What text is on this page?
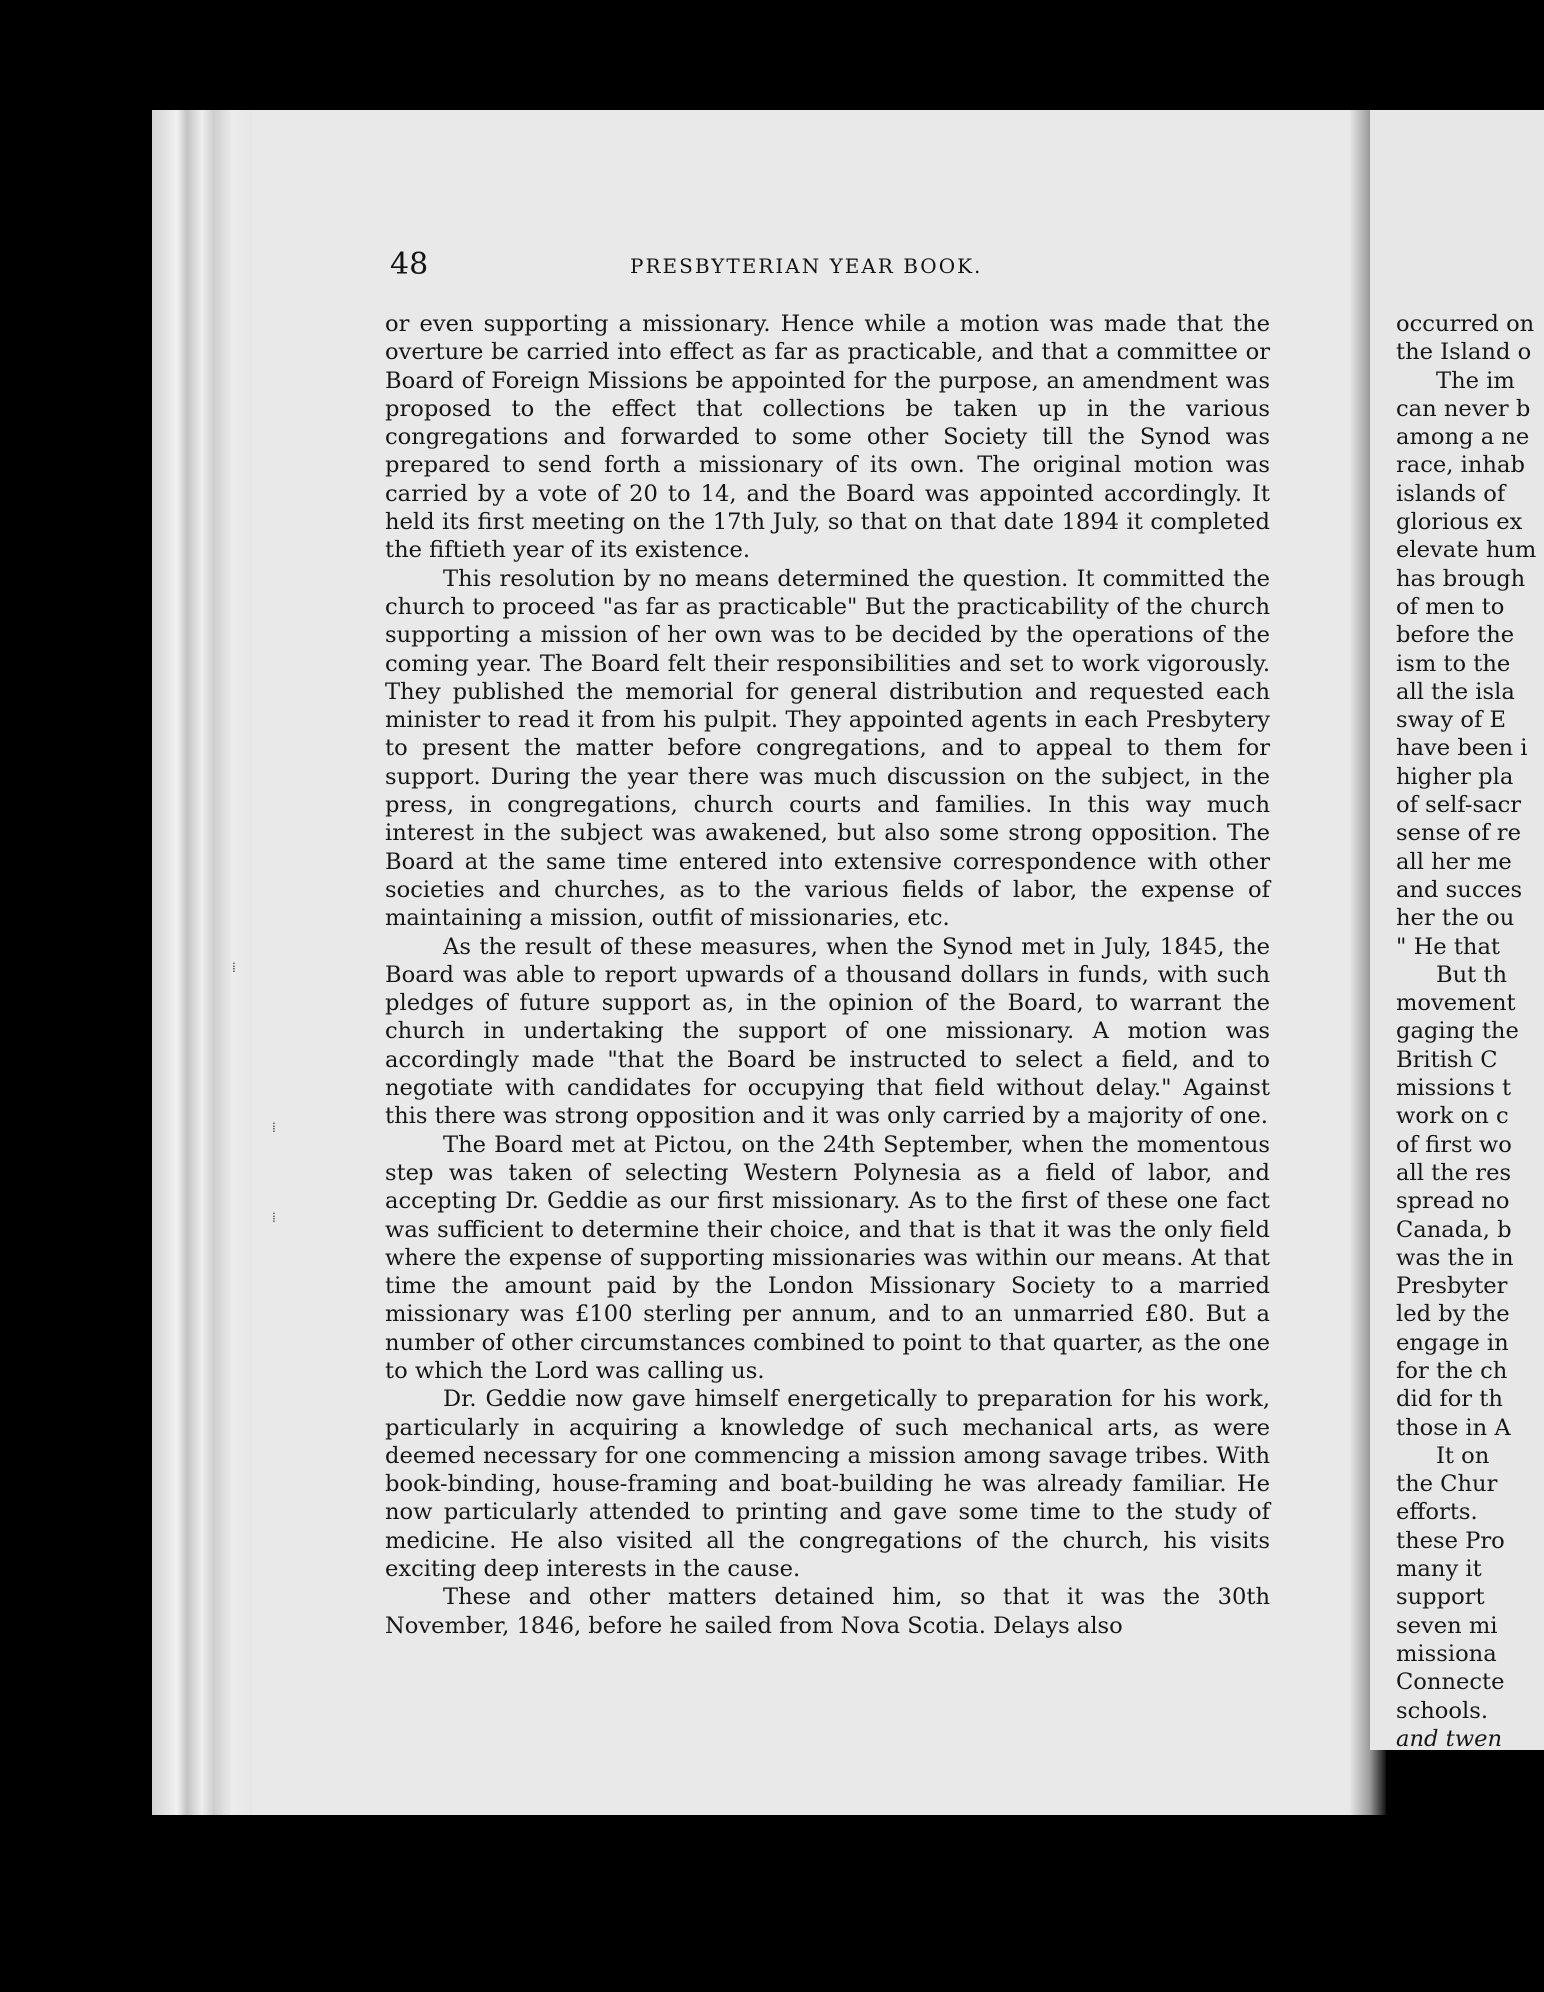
48	PRESBYTERIAN YEAR BOOK.

or even supporting a missionary. Hence while a motion was made that the overture be carried into effect as far as practicable, and that a committee or Board of Foreign Missions be appointed for the purpose, an amendment was proposed to the effect that collections be taken up in the various congregations and forwarded to some other Society till the Synod was prepared to send forth a missionary of its own. The original motion was carried by a vote of 20 to 14, and the Board was appointed accordingly. It held its first meeting on the 17th July, so that on that date 1894 it completed the fiftieth year of its existence.

This resolution by no means determined the question. It committed the church to proceed "as far as practicable" But the practicability of the church supporting a mission of her own was to be decided by the operations of the coming year. The Board felt their responsibilities and set to work vigorously. They published the memorial for general distribution and requested each minister to read it from his pulpit. They appointed agents in each Presbytery to present the matter before congregations, and to appeal to them for support. During the year there was much discussion on the subject, in the press, in congregations, church courts and families. In this way much interest in the subject was awakened, but also some strong opposition. The Board at the same time entered into extensive correspondence with other societies and churches, as to the various fields of labor, the expense of maintaining a mission, outfit of missionaries, etc.

As the result of these measures, when the Synod met in July, 1845, the Board was able to report upwards of a thousand dollars in funds, with such pledges of future support as, in the opinion of the Board, to warrant the church in undertaking the support of one missionary. A motion was accordingly made "that the Board be instructed to select a field, and to negotiate with candidates for occupying that field without delay." Against this there was strong opposition and it was only carried by a majority of one.

The Board met at Pictou, on the 24th September, when the momentous step was taken of selecting Western Polynesia as a field of labor, and accepting Dr. Geddie as our first missionary. As to the first of these one fact was sufficient to determine their choice, and that is that it was the only field where the expense of supporting missionaries was within our means. At that time the amount paid by the London Missionary Society to a married missionary was £100 sterling per annum, and to an unmarried £80. But a number of other circumstances combined to point to that quarter, as the one to which the Lord was calling us.

Dr. Geddie now gave himself energetically to preparation for his work, particularly in acquiring a knowledge of such mechanical arts, as were deemed necessary for one commencing a mission among savage tribes. With book-binding, house-framing and boat-building he was already familiar. He now particularly attended to printing and gave some time to the study of medicine. He also visited all the congregations of the church, his visits exciting deep interests in the cause.

These and other matters detained him, so that it was the 30th November, 1846, before he sailed from Nova Scotia. Delays also

occurred on
the Island o
The im
can never b
among a ne
race, inhab
islands of
glorious ex
elevate hum
has brough
of men to
before the
ism to the
all the isla
sway of E
have been i
higher pla
of self-sacr
sense of re
all her me
and succes
her the ou
" He that
But th
movement
gaging the
British C
missions t
work on c
of first wo
all the res
spread no
Canada, b
was the in
Presbyter
led by the
engage in
for the ch
did for th
those in A
It on
the Chur
efforts.
these Pro
many it
support
seven mi
missiona
Connecte
schools.
and twen
⁞
⁞
⁞
